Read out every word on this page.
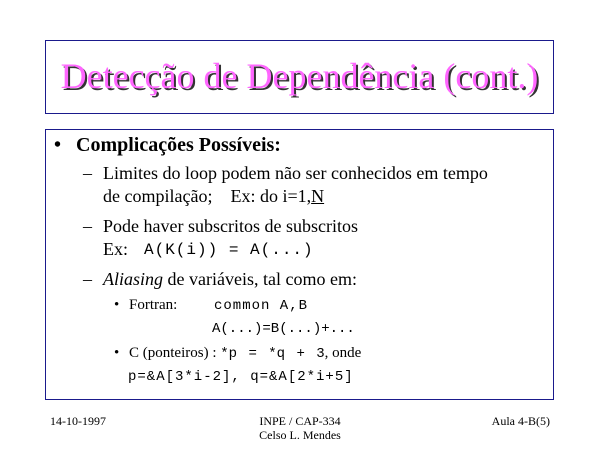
Detecção de Dependência (cont.)
• Complicações Possíveis:
– Limites do loop podem não ser conhecidos em tempo
de compilação;    Ex: do i=1,N
– Pode haver subscritos de subscritos
Ex: A(K(i)) = A(...)
– Aliasing de variáveis, tal como em:
• Fortran:	common A,B
A(...)=B(...)+...
• C (ponteiros) : *p = *q + 3, onde
p=&A[3*i-2], q=&A[2*i+5]
14-10-1997	INPE / CAP-334
Celso L. Mendes
Aula 4-B(5)
